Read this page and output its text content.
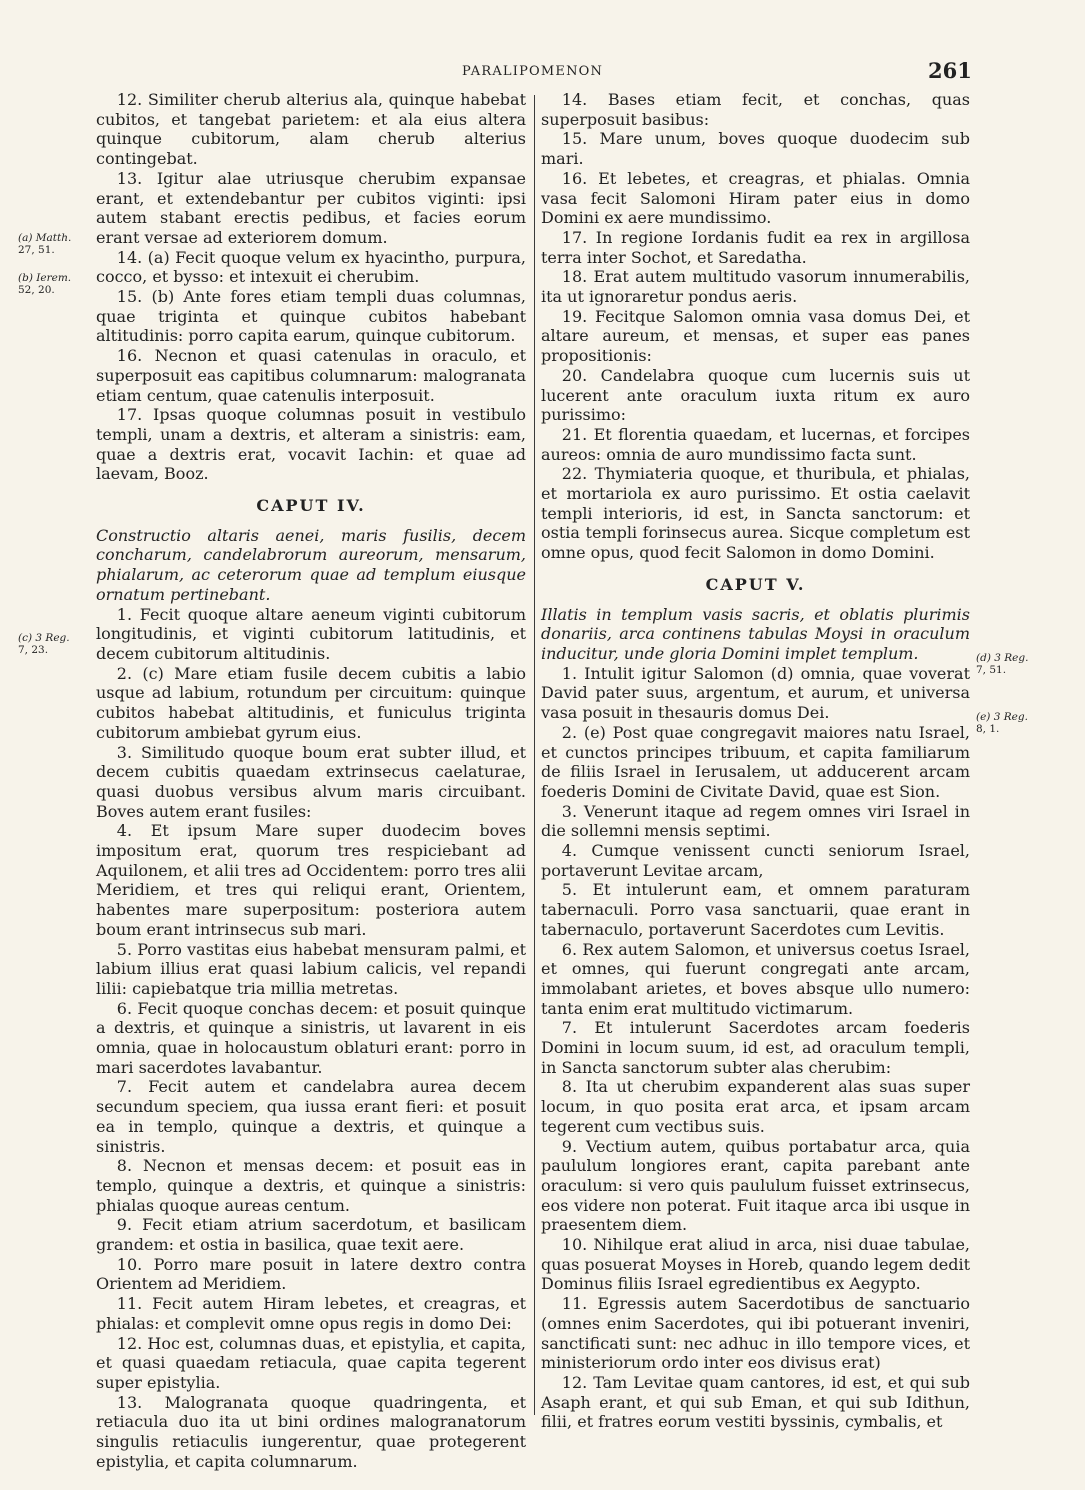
PARALIPOMENON	261
(a) Matth.
27, 51.
(b) Ierem.
52, 20.
(c) 3 Reg.
7, 23.
(d) 3 Reg.
7, 51.
(e) 3 Reg.
8, 1.

12. Similiter cherub alterius ala, quinque habebat cubitos, et tangebat parietem: et ala eius altera quinque cubitorum, alam cherub alterius contingebat.

13. Igitur alae utriusque cherubim expansae erant, et extendebantur per cubitos viginti: ipsi autem stabant erectis pedibus, et facies eorum erant versae ad exteriorem domum.

14. (a) Fecit quoque velum ex hyacintho, purpura, cocco, et bysso: et intexuit ei cherubim.

15. (b) Ante fores etiam templi duas columnas, quae triginta et quinque cubitos habebant altitudinis: porro capita earum, quinque cubitorum.

16. Necnon et quasi catenulas in oraculo, et superposuit eas capitibus columnarum: malogranata etiam centum, quae catenulis interposuit.

17. Ipsas quoque columnas posuit in vestibulo templi, unam a dextris, et alteram a sinistris: eam, quae a dextris erat, vocavit Iachin: et quae ad laevam, Booz.

CAPUT IV.

Constructio altaris aenei, maris fusilis, decem concharum, candelabrorum aureorum, mensarum, phialarum, ac ceterorum quae ad templum eiusque ornatum pertinebant.

1. Fecit quoque altare aeneum viginti cubitorum longitudinis, et viginti cubitorum latitudinis, et decem cubitorum altitudinis.

2. (c) Mare etiam fusile decem cubitis a labio usque ad labium, rotundum per circuitum: quinque cubitos habebat altitudinis, et funiculus triginta cubitorum ambiebat gyrum eius.

3. Similitudo quoque boum erat subter illud, et decem cubitis quaedam extrinsecus caelaturae, quasi duobus versibus alvum maris circuibant. Boves autem erant fusiles:

4. Et ipsum Mare super duodecim boves impositum erat, quorum tres respiciebant ad Aquilonem, et alii tres ad Occidentem: porro tres alii Meridiem, et tres qui reliqui erant, Orientem, habentes mare superpositum: posteriora autem boum erant intrinsecus sub mari.

5. Porro vastitas eius habebat mensuram palmi, et labium illius erat quasi labium calicis, vel repandi lilii: capiebatque tria millia metretas.

6. Fecit quoque conchas decem: et posuit quinque a dextris, et quinque a sinistris, ut lavarent in eis omnia, quae in holocaustum oblaturi erant: porro in mari sacerdotes lavabantur.

7. Fecit autem et candelabra aurea decem secundum speciem, qua iussa erant fieri: et posuit ea in templo, quinque a dextris, et quinque a sinistris.

8. Necnon et mensas decem: et posuit eas in templo, quinque a dextris, et quinque a sinistris: phialas quoque aureas centum.

9. Fecit etiam atrium sacerdotum, et basilicam grandem: et ostia in basilica, quae texit aere.

10. Porro mare posuit in latere dextro contra Orientem ad Meridiem.

11. Fecit autem Hiram lebetes, et creagras, et phialas: et complevit omne opus regis in domo Dei:

12. Hoc est, columnas duas, et epistylia, et capita, et quasi quaedam retiacula, quae capita tegerent super epistylia.

13. Malogranata quoque quadringenta, et retiacula duo ita ut bini ordines malogranatorum singulis retiaculis iungerentur, quae protegerent epistylia, et capita columnarum.

14. Bases etiam fecit, et conchas, quas superposuit basibus:

15. Mare unum, boves quoque duodecim sub mari.

16. Et lebetes, et creagras, et phialas. Omnia vasa fecit Salomoni Hiram pater eius in domo Domini ex aere mundissimo.

17. In regione Iordanis fudit ea rex in argillosa terra inter Sochot, et Saredatha.

18. Erat autem multitudo vasorum innumerabilis, ita ut ignoraretur pondus aeris.

19. Fecitque Salomon omnia vasa domus Dei, et altare aureum, et mensas, et super eas panes propositionis:

20. Candelabra quoque cum lucernis suis ut lucerent ante oraculum iuxta ritum ex auro purissimo:

21. Et florentia quaedam, et lucernas, et forcipes aureos: omnia de auro mundissimo facta sunt.

22. Thymiateria quoque, et thuribula, et phialas, et mortariola ex auro purissimo. Et ostia caelavit templi interioris, id est, in Sancta sanctorum: et ostia templi forinsecus aurea. Sicque completum est omne opus, quod fecit Salomon in domo Domini.

CAPUT V.

Illatis in templum vasis sacris, et oblatis plurimis donariis, arca continens tabulas Moysi in oraculum inducitur, unde gloria Domini implet templum.

1. Intulit igitur Salomon (d) omnia, quae voverat David pater suus, argentum, et aurum, et universa vasa posuit in thesauris domus Dei.

2. (e) Post quae congregavit maiores natu Israel, et cunctos principes tribuum, et capita familiarum de filiis Israel in Ierusalem, ut adducerent arcam foederis Domini de Civitate David, quae est Sion.

3. Venerunt itaque ad regem omnes viri Israel in die sollemni mensis septimi.

4. Cumque venissent cuncti seniorum Israel, portaverunt Levitae arcam,

5. Et intulerunt eam, et omnem paraturam tabernaculi. Porro vasa sanctuarii, quae erant in tabernaculo, portaverunt Sacerdotes cum Levitis.

6. Rex autem Salomon, et universus coetus Israel, et omnes, qui fuerunt congregati ante arcam, immolabant arietes, et boves absque ullo numero: tanta enim erat multitudo victimarum.

7. Et intulerunt Sacerdotes arcam foederis Domini in locum suum, id est, ad oraculum templi, in Sancta sanctorum subter alas cherubim:

8. Ita ut cherubim expanderent alas suas super locum, in quo posita erat arca, et ipsam arcam tegerent cum vectibus suis.

9. Vectium autem, quibus portabatur arca, quia paululum longiores erant, capita parebant ante oraculum: si vero quis paululum fuisset extrinsecus, eos videre non poterat. Fuit itaque arca ibi usque in praesentem diem.

10. Nihilque erat aliud in arca, nisi duae tabulae, quas posuerat Moyses in Horeb, quando legem dedit Dominus filiis Israel egredientibus ex Aegypto.

11. Egressis autem Sacerdotibus de sanctuario (omnes enim Sacerdotes, qui ibi potuerant inveniri, sanctificati sunt: nec adhuc in illo tempore vices, et ministeriorum ordo inter eos divisus erat)

12. Tam Levitae quam cantores, id est, et qui sub Asaph erant, et qui sub Eman, et qui sub Idithun, filii, et fratres eorum vestiti byssinis, cymbalis, et
